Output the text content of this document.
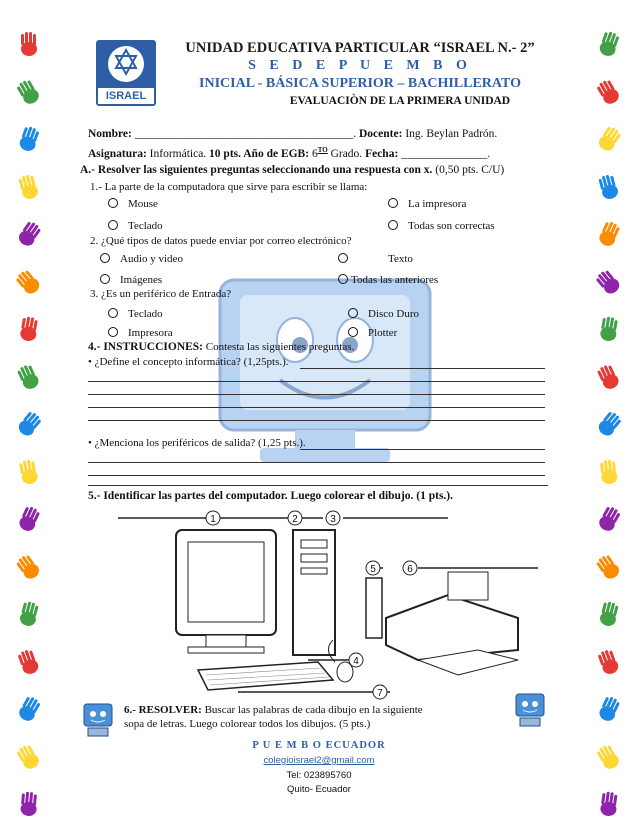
ISRAEL
UNIDAD EDUCATIVA PARTICULAR “ISRAEL N.- 2”
S E D E P U E M B O
INICIAL - BÁSICA SUPERIOR – BACHILLERATO
EVALUACIÒN DE LA PRIMERA UNIDAD
Nombre: ______________________________________. Docente: Ing. Beylan Padrón.
Asignatura: Informática. 10 pts. Año de EGB: $6^{TO}$ Grado. Fecha: _______________.
A.- Resolver las siguientes preguntas seleccionando una respuesta con x. (0,50 pts. C/U)
1.- La parte de la computadora que sirve para escribir se llama:
Mouse	La impresora
Teclado	Todas son correctas
2. ¿Qué tipos de datos puede enviar por correo electrónico?
Audio y video	Texto
Imágenes	Todas las anteriores
3. ¿Es un periférico de Entrada?
Teclado	Disco Duro
Impresora	Plotter
4.- INSTRUCCIONES: Contesta las siguientes preguntas.
• ¿Define el concepto informática? (1,25pts.).
• ¿Menciona los periféricos de salida? (1,25 pts.).
5.- Identificar las partes del computador. Luego colorear el dibujo. (1 pts.).
1	2	3
5	6
4
7
6.- RESOLVER: Buscar las palabras de cada dibujo en la siguiente
sopa de letras. Luego colorear todos los dibujos. (5 pts.)
P U E M B O ECUADOR
colegioisrael2@gmail.com
Tel: 023895760
Quito- Ecuador
